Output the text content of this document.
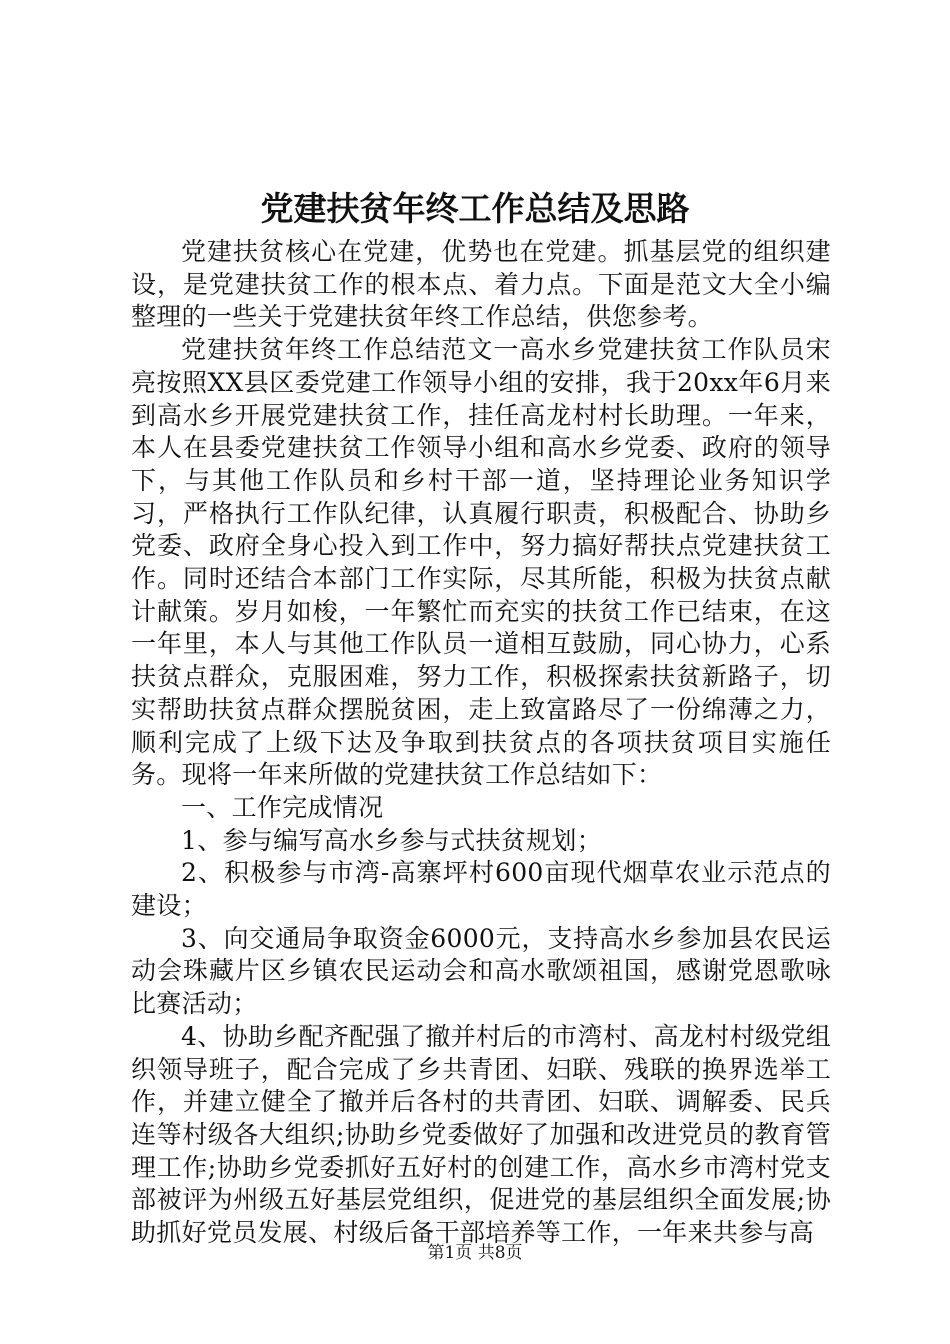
党建扶贫年终工作总结及思路

党建扶贫核心在党建，优势也在党建。抓基层党的组织建设，是党建扶贫工作的根本点、着力点。下面是范文大全小编整理的一些关于党建扶贫年终工作总结，供您参考。

党建扶贫年终工作总结范文一高水乡党建扶贫工作队员宋亮按照XX县区委党建工作领导小组的安排，我于20xx年6月来到高水乡开展党建扶贫工作，挂任高龙村村长助理。一年来，本人在县委党建扶贫工作领导小组和高水乡党委、政府的领导下，与其他工作队员和乡村干部一道，坚持理论业务知识学习，严格执行工作队纪律，认真履行职责，积极配合、协助乡党委、政府全身心投入到工作中，努力搞好帮扶点党建扶贫工作。同时还结合本部门工作实际，尽其所能，积极为扶贫点献计献策。岁月如梭，一年繁忙而充实的扶贫工作已结束，在这一年里，本人与其他工作队员一道相互鼓励，同心协力，心系扶贫点群众，克服困难，努力工作，积极探索扶贫新路子，切实帮助扶贫点群众摆脱贫困，走上致富路尽了一份绵薄之力，顺利完成了上级下达及争取到扶贫点的各项扶贫项目实施任务。现将一年来所做的党建扶贫工作总结如下：

一、工作完成情况

1、参与编写高水乡参与式扶贫规划；

2、积极参与市湾-高寨坪村600亩现代烟草农业示范点的建设；

3、向交通局争取资金6000元，支持高水乡参加县农民运动会珠藏片区乡镇农民运动会和高水歌颂祖国，感谢党恩歌咏比赛活动；

4、协助乡配齐配强了撤并村后的市湾村、高龙村村级党组织领导班子，配合完成了乡共青团、妇联、残联的换界选举工作，并建立健全了撤并后各村的共青团、妇联、调解委、民兵连等村级各大组织;协助乡党委做好了加强和改进党员的教育管理工作;协助乡党委抓好五好村的创建工作，高水乡市湾村党支部被评为州级五好基层党组织，促进党的基层组织全面发展;协助抓好党员发展、村级后备干部培养等工作，一年来共参与高

第1页 共8页
